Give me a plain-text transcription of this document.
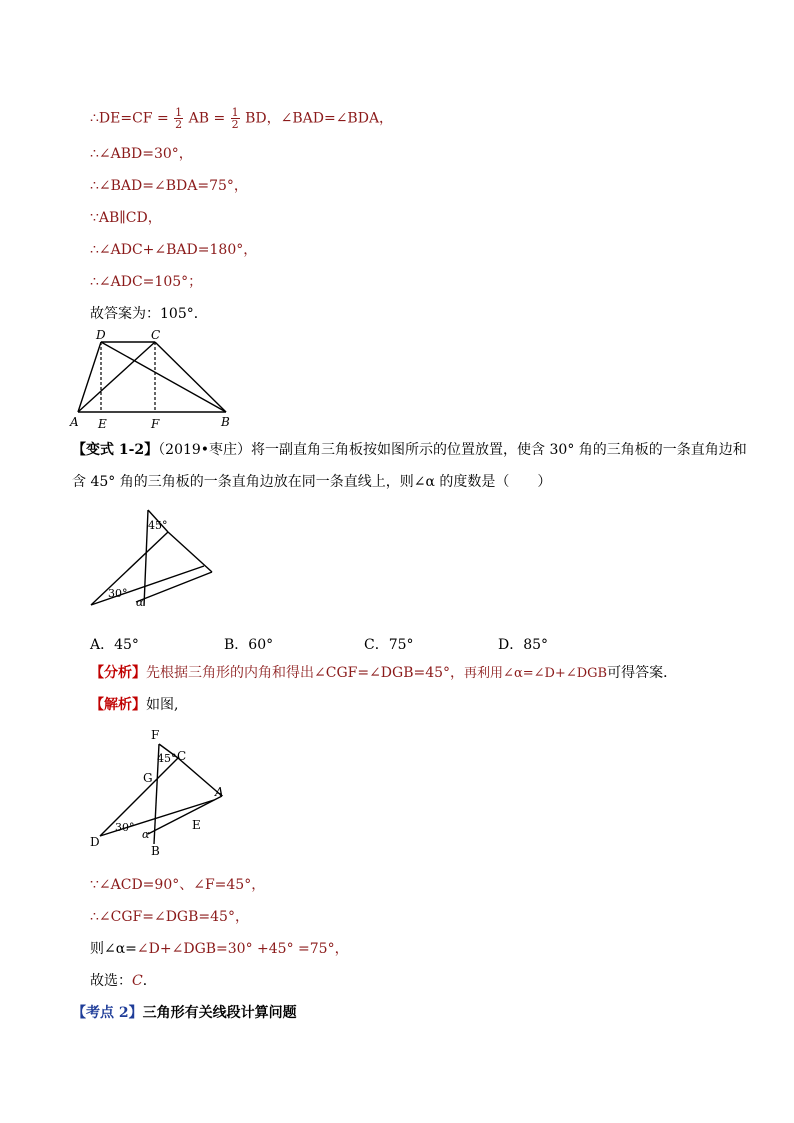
∴DE=CF = $\frac{1}{2}$ AB = $\frac{1}{2}$ BD，∠BAD=∠BDA，
∴∠ABD=30°，
∴∠BAD=∠BDA=75°，
∵AB∥CD，
∴∠ADC+∠BAD=180°，
∴∠ADC=105°；
故答案为：105°．
D	C
A E	F	B
【变式 1-2】（2019•枣庄）将一副直角三角板按如图所示的位置放置，使含 30° 角的三角板的一条直角边和
含 45° 角的三角板的一条直角边放在同一条直线上，则∠α 的度数是（　　）
45°
30°
α
A．45°	B．60°	C．75°	D．85°
【分析】先根据三角形的内角和得出∠CGF=∠DGB=45°，再利用∠α=∠D+∠DGB可得答案．
【解析】如图,
F
C
45°
G
A
E
D
30°
α
B
∵∠ACD=90°、∠F=45°，
∴∠CGF=∠DGB=45°，
则∠α=∠D+∠DGB=30° +45° =75°，
故选：C．
【考点 2】三角形有关线段计算问题
